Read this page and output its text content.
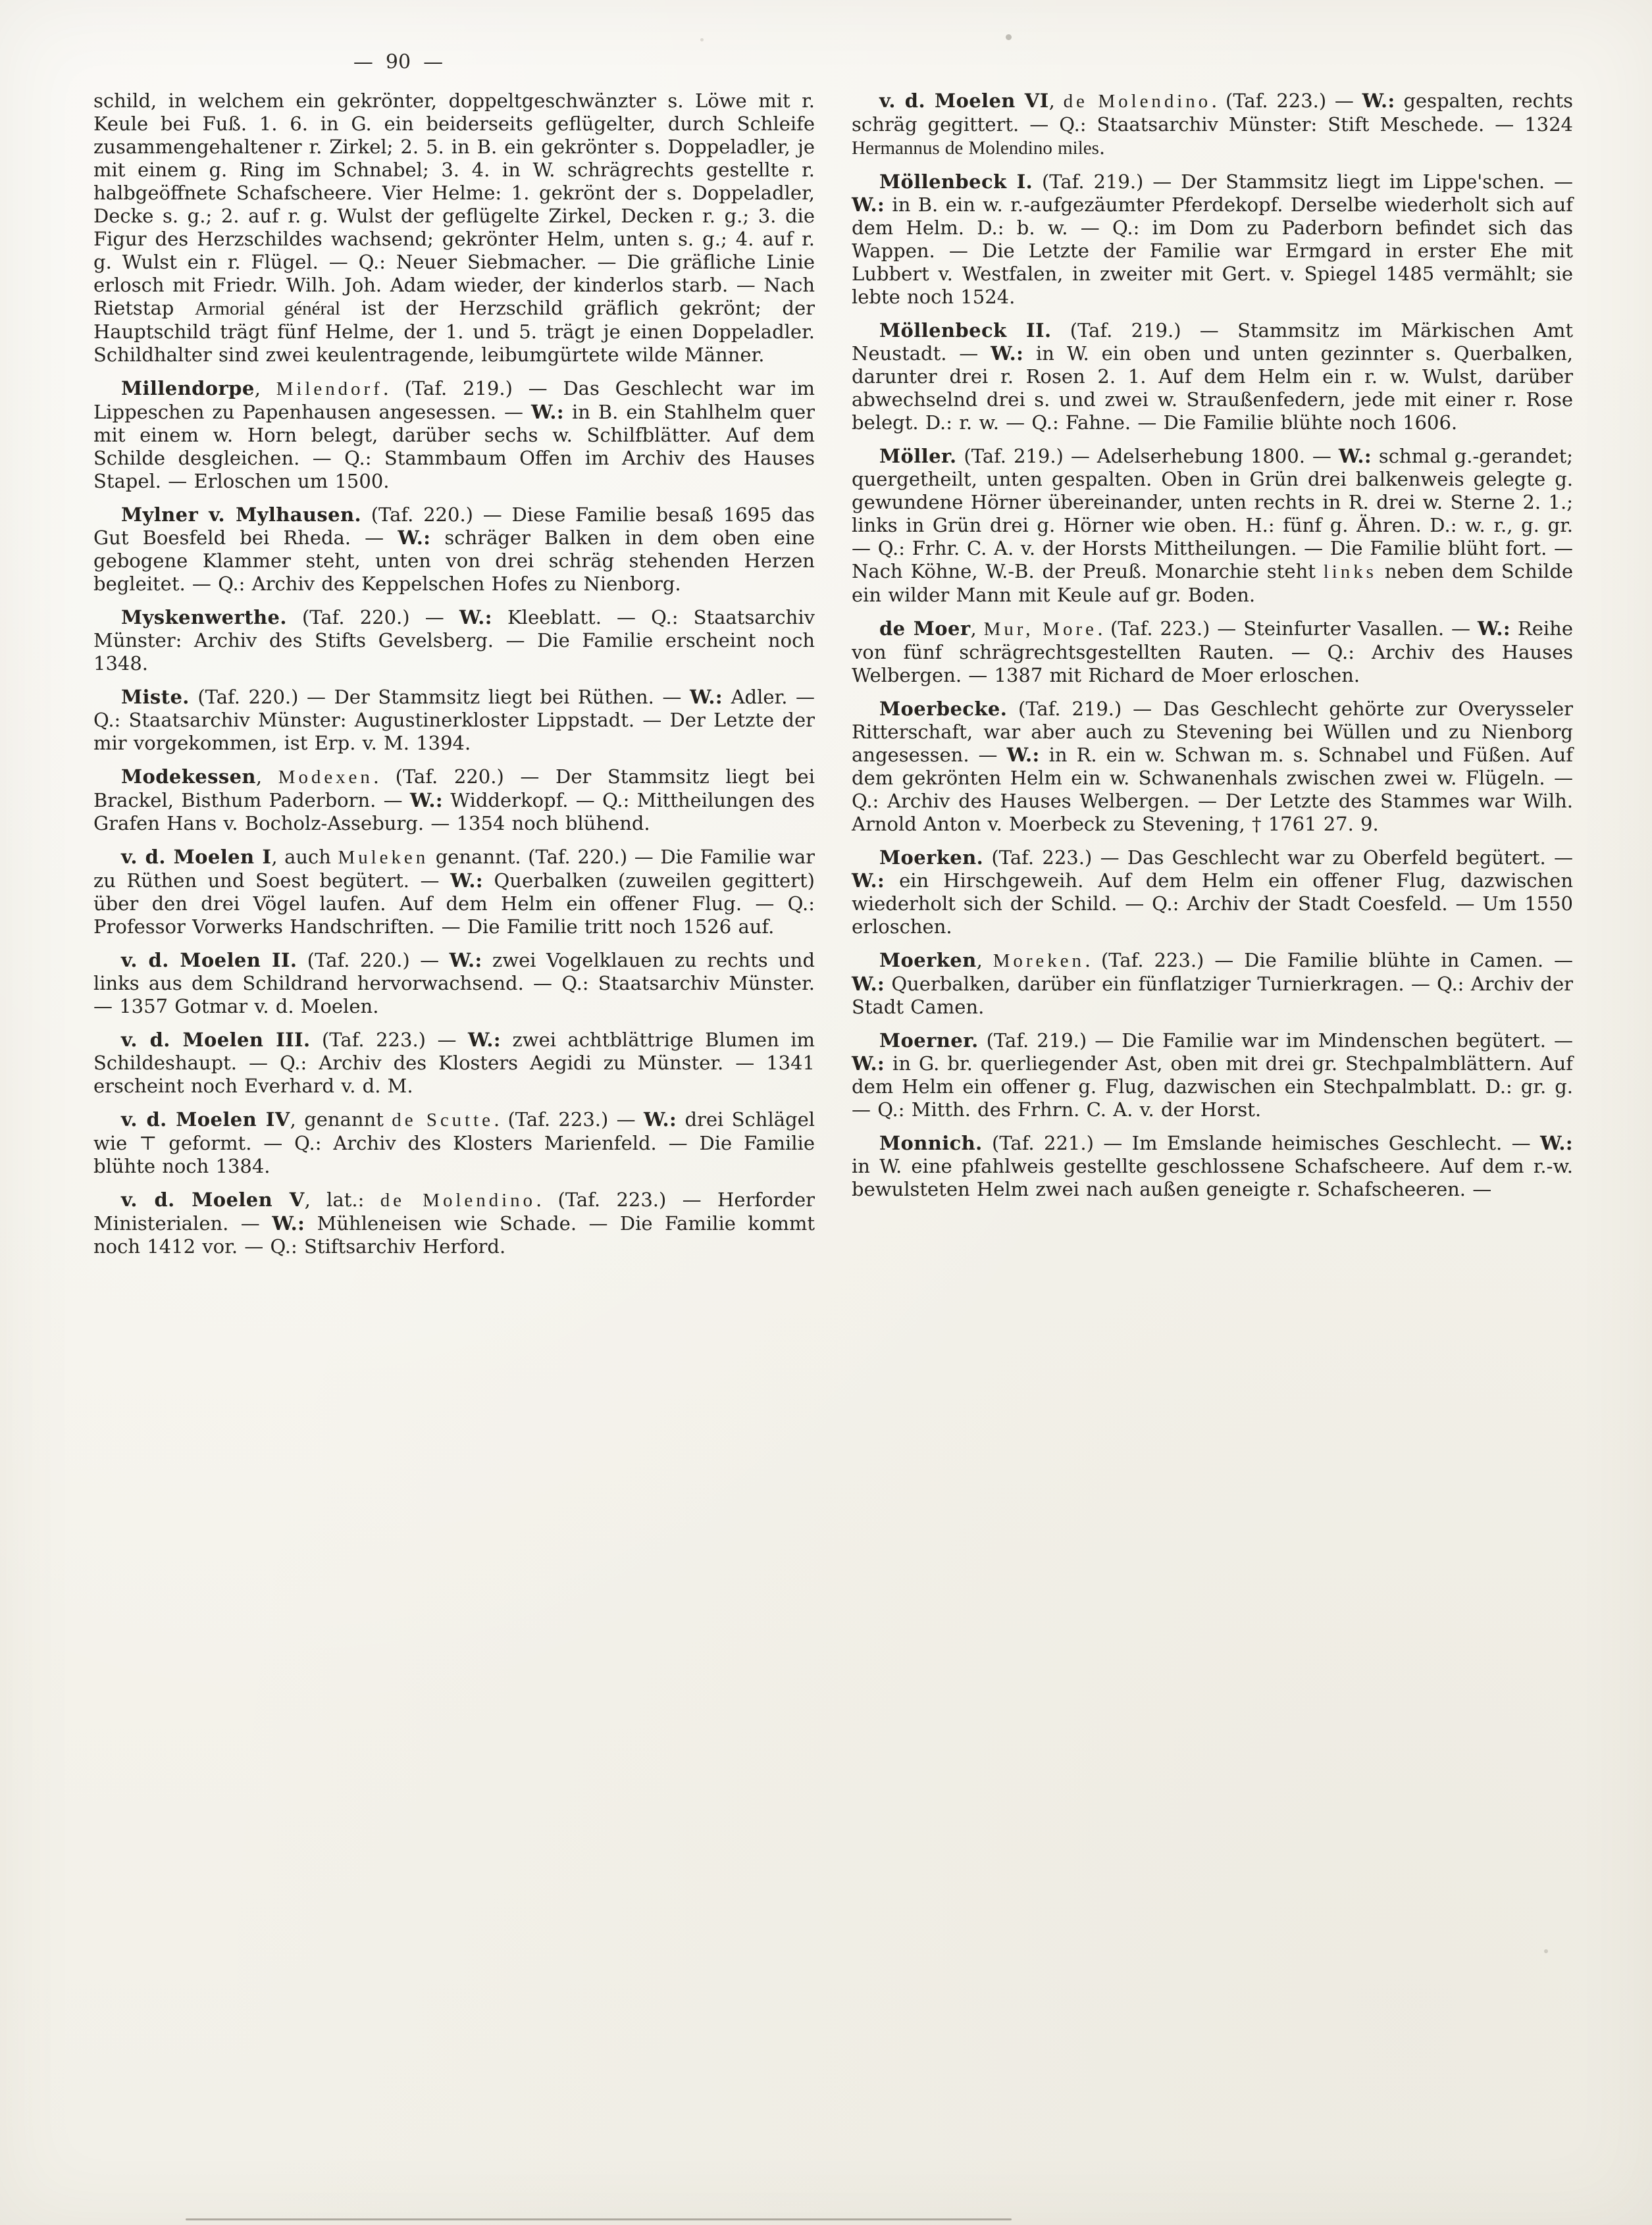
—  90  —

schild, in welchem ein gekrönter, doppeltgeschwänzter s. Löwe mit r. Keule bei Fuß. 1. 6. in G. ein beiderseits geflügelter, durch Schleife zusammengehaltener r. Zirkel; 2. 5. in B. ein gekrönter s. Doppeladler, je mit einem g. Ring im Schnabel; 3. 4. in W. schrägrechts gestellte r. halbgeöffnete Schafscheere. Vier Helme: 1. gekrönt der s. Doppeladler, Decke s. g.; 2. auf r. g. Wulst der geflügelte Zirkel, Decken r. g.; 3. die Figur des Herzschildes wachsend; gekrönter Helm, unten s. g.; 4. auf r. g. Wulst ein r. Flügel. — Q.: Neuer Siebmacher. — Die gräfliche Linie erlosch mit Friedr. Wilh. Joh. Adam wieder, der kinderlos starb. — Nach Rietstap Armorial général ist der Herzschild gräflich gekrönt; der Hauptschild trägt fünf Helme, der 1. und 5. trägt je einen Doppeladler. Schildhalter sind zwei keulentragende, leibumgürtete wilde Männer.

Millendorpe, Milendorf. (Taf. 219.) — Das Geschlecht war im Lippeschen zu Papenhausen angesessen. — W.: in B. ein Stahlhelm quer mit einem w. Horn belegt, darüber sechs w. Schilfblätter. Auf dem Schilde desgleichen. — Q.: Stammbaum Offen im Archiv des Hauses Stapel. — Erloschen um 1500.

Mylner v. Mylhausen. (Taf. 220.) — Diese Familie besaß 1695 das Gut Boesfeld bei Rheda. — W.: schräger Balken in dem oben eine gebogene Klammer steht, unten von drei schräg stehenden Herzen begleitet. — Q.: Archiv des Keppelschen Hofes zu Nienborg.

Myskenwerthe. (Taf. 220.) — W.: Kleeblatt. — Q.: Staatsarchiv Münster: Archiv des Stifts Gevelsberg. — Die Familie erscheint noch 1348.

Miste. (Taf. 220.) — Der Stammsitz liegt bei Rüthen. — W.: Adler. — Q.: Staatsarchiv Münster: Augustinerkloster Lippstadt. — Der Letzte der mir vorgekommen, ist Erp. v. M. 1394.

Modekessen, Modexen. (Taf. 220.) — Der Stammsitz liegt bei Brackel, Bisthum Paderborn. — W.: Widderkopf. — Q.: Mittheilungen des Grafen Hans v. Bocholz-Asseburg. — 1354 noch blühend.

v. d. Moelen I, auch Muleken genannt. (Taf. 220.) — Die Familie war zu Rüthen und Soest begütert. — W.: Querbalken (zuweilen gegittert) über den drei Vögel laufen. Auf dem Helm ein offener Flug. — Q.: Professor Vorwerks Handschriften. — Die Familie tritt noch 1526 auf.

v. d. Moelen II. (Taf. 220.) — W.: zwei Vogelklauen zu rechts und links aus dem Schildrand hervorwachsend. — Q.: Staatsarchiv Münster. — 1357 Gotmar v. d. Moelen.

v. d. Moelen III. (Taf. 223.) — W.: zwei achtblättrige Blumen im Schildeshaupt. — Q.: Archiv des Klosters Aegidi zu Münster. — 1341 erscheint noch Everhard v. d. M.

v. d. Moelen IV, genannt de Scutte. (Taf. 223.) — W.: drei Schlägel wie ⊤ geformt. — Q.: Archiv des Klosters Marienfeld. — Die Familie blühte noch 1384.

v. d. Moelen V, lat.: de Molendino. (Taf. 223.) — Herforder Ministerialen. — W.: Mühleneisen wie Schade. — Die Familie kommt noch 1412 vor. — Q.: Stiftsarchiv Herford.

v. d. Moelen VI, de Molendino. (Taf. 223.) — W.: gespalten, rechts schräg gegittert. — Q.: Staatsarchiv Münster: Stift Meschede. — 1324 Hermannus de Molendino miles.

Möllenbeck I. (Taf. 219.) — Der Stammsitz liegt im Lippe'schen. — W.: in B. ein w. r.-aufgezäumter Pferdekopf. Derselbe wiederholt sich auf dem Helm. D.: b. w. — Q.: im Dom zu Paderborn befindet sich das Wappen. — Die Letzte der Familie war Ermgard in erster Ehe mit Lubbert v. Westfalen, in zweiter mit Gert. v. Spiegel 1485 vermählt; sie lebte noch 1524.

Möllenbeck II. (Taf. 219.) — Stammsitz im Märkischen Amt Neustadt. — W.: in W. ein oben und unten gezinnter s. Querbalken, darunter drei r. Rosen 2. 1. Auf dem Helm ein r. w. Wulst, darüber abwechselnd drei s. und zwei w. Straußenfedern, jede mit einer r. Rose belegt. D.: r. w. — Q.: Fahne. — Die Familie blühte noch 1606.

Möller. (Taf. 219.) — Adelserhebung 1800. — W.: schmal g.-gerandet; quergetheilt, unten gespalten. Oben in Grün drei balkenweis gelegte g. gewundene Hörner übereinander, unten rechts in R. drei w. Sterne 2. 1.; links in Grün drei g. Hörner wie oben. H.: fünf g. Ähren. D.: w. r., g. gr. — Q.: Frhr. C. A. v. der Horsts Mittheilungen. — Die Familie blüht fort. — Nach Köhne, W.-B. der Preuß. Monarchie steht links neben dem Schilde ein wilder Mann mit Keule auf gr. Boden.

de Moer, Mur, More. (Taf. 223.) — Steinfurter Vasallen. — W.: Reihe von fünf schrägrechtsgestellten Rauten. — Q.: Archiv des Hauses Welbergen. — 1387 mit Richard de Moer erloschen.

Moerbecke. (Taf. 219.) — Das Geschlecht gehörte zur Overysseler Ritterschaft, war aber auch zu Stevening bei Wüllen und zu Nienborg angesessen. — W.: in R. ein w. Schwan m. s. Schnabel und Füßen. Auf dem gekrönten Helm ein w. Schwanenhals zwischen zwei w. Flügeln. — Q.: Archiv des Hauses Welbergen. — Der Letzte des Stammes war Wilh. Arnold Anton v. Moerbeck zu Stevening, † 1761 27. 9.

Moerken. (Taf. 223.) — Das Geschlecht war zu Oberfeld begütert. — W.: ein Hirschgeweih. Auf dem Helm ein offener Flug, dazwischen wiederholt sich der Schild. — Q.: Archiv der Stadt Coesfeld. — Um 1550 erloschen.

Moerken, Moreken. (Taf. 223.) — Die Familie blühte in Camen. — W.: Querbalken, darüber ein fünflatziger Turnierkragen. — Q.: Archiv der Stadt Camen.

Moerner. (Taf. 219.) — Die Familie war im Mindenschen begütert. — W.: in G. br. querliegender Ast, oben mit drei gr. Stechpalmblättern. Auf dem Helm ein offener g. Flug, dazwischen ein Stechpalmblatt. D.: gr. g. — Q.: Mitth. des Frhrn. C. A. v. der Horst.

Monnich. (Taf. 221.) — Im Emslande heimisches Geschlecht. — W.: in W. eine pfahlweis gestellte geschlossene Schafscheere. Auf dem r.-w. bewulsteten Helm zwei nach außen geneigte r. Schafscheeren. —
